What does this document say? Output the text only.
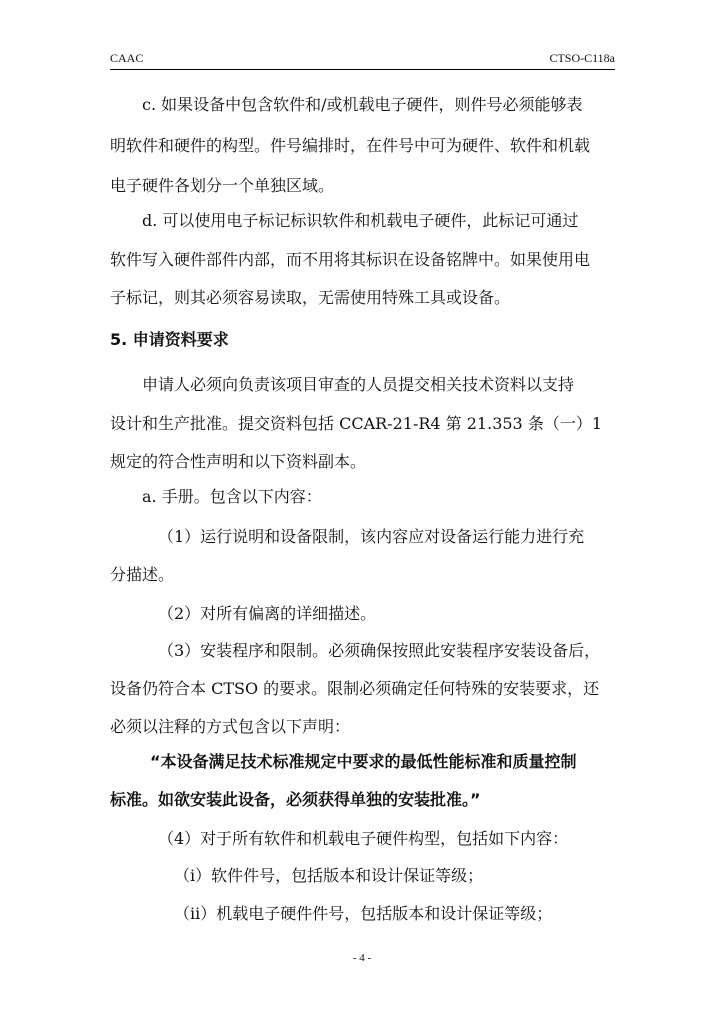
CAAC	CTSO-C118a
c. 如果设备中包含软件和/或机载电子硬件，则件号必须能够表
明软件和硬件的构型。件号编排时，在件号中可为硬件、软件和机载
电子硬件各划分一个单独区域。
d. 可以使用电子标记标识软件和机载电子硬件，此标记可通过
软件写入硬件部件内部，而不用将其标识在设备铭牌中。如果使用电
子标记，则其必须容易读取，无需使用特殊工具或设备。
5. 申请资料要求
申请人必须向负责该项目审查的人员提交相关技术资料以支持
设计和生产批准。提交资料包括 CCAR-21-R4 第 21.353 条（一）1
规定的符合性声明和以下资料副本。
a. 手册。包含以下内容：
（1）运行说明和设备限制，该内容应对设备运行能力进行充
分描述。
（2）对所有偏离的详细描述。
（3）安装程序和限制。必须确保按照此安装程序安装设备后，
设备仍符合本 CTSO 的要求。限制必须确定任何特殊的安装要求，还
必须以注释的方式包含以下声明：
“本设备满足技术标准规定中要求的最低性能标准和质量控制
标准。如欲安装此设备，必须获得单独的安装批准。”
（4）对于所有软件和机载电子硬件构型，包括如下内容：
（i）软件件号，包括版本和设计保证等级；
（ii）机载电子硬件件号，包括版本和设计保证等级；
- 4 -
